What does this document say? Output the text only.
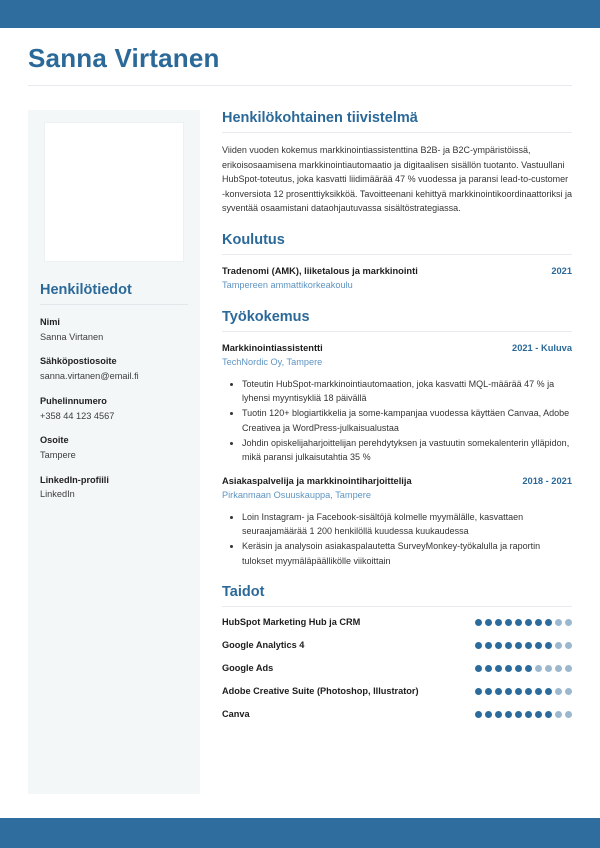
Sanna Virtanen
Henkilötiedot
Nimi
Sanna Virtanen
Sähköpostiosoite
sanna.virtanen@email.fi
Puhelinnumero
+358 44 123 4567
Osoite
Tampere
LinkedIn-profiili
LinkedIn
Henkilökohtainen tiivistelmä

Viiden vuoden kokemus markkinointiassistenttina B2B- ja B2C-ympäristöissä, erikoisosaamisena markkinointiautomaatio ja digitaalisen sisällön tuotanto. Vastuullani HubSpot-toteutus, joka kasvatti liidimäärää 47 % vuodessa ja paransi lead-to-customer -konversiota 12 prosenttiyksikköä. Tavoitteenani kehittyä markkinointikoordinaattoriksi ja syventää osaamistani dataohjautuvassa sisältöstrategiassa.

Koulutus
Tradenomi (AMK), liiketalous ja markkinointi	2021
Tampereen ammattikorkeakoulu
Työkokemus
Markkinointiassistentti	2021 - Kuluva
TechNordic Oy, Tampere
• Toteutin HubSpot-markkinointiautomaation, joka kasvatti MQL-määrää 47 % ja lyhensi myyntisykliä 18 päivällä
• Tuotin 120+ blogiartikkelia ja some-kampanjaa vuodessa käyttäen Canvaa, Adobe Creativea ja WordPress-julkaisualustaa
• Johdin opiskelijaharjoittelijan perehdytyksen ja vastuutin somekalenterin ylläpidon, mikä paransi julkaisutahtia 35 %
Asiakaspalvelija ja markkinointiharjoittelija	2018 - 2021
Pirkanmaan Osuuskauppa, Tampere
• Loin Instagram- ja Facebook-sisältöjä kolmelle myymälälle, kasvattaen seuraajamäärää 1 200 henkilöllä kuudessa kuukaudessa
• Keräsin ja analysoin asiakaspalautetta SurveyMonkey-työkalulla ja raportin tulokset myymäläpäällikölle viikoittain
Taidot
HubSpot Marketing Hub ja CRM
Google Analytics 4
Google Ads
Adobe Creative Suite (Photoshop, Illustrator)
Canva
